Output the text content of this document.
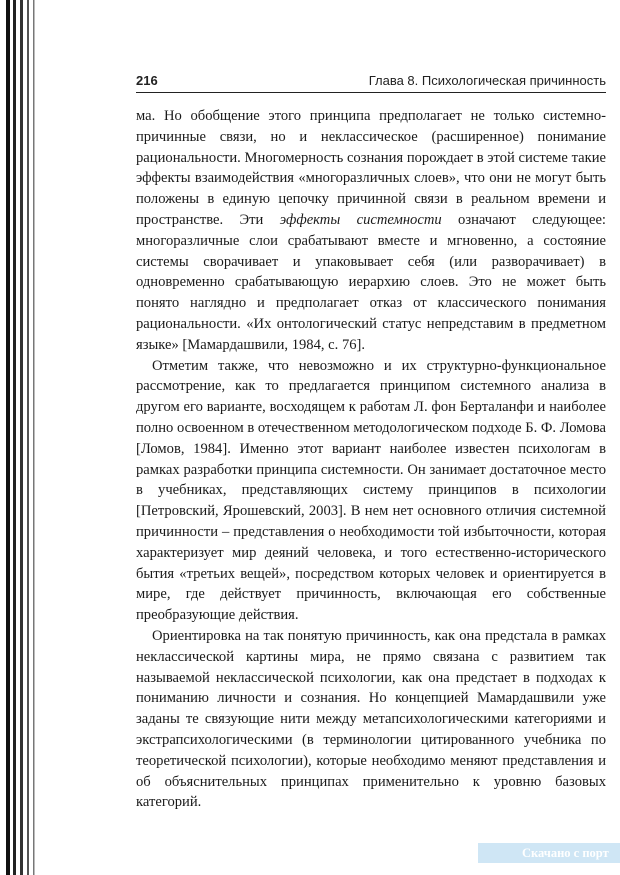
216	Глава 8. Психологическая причинность

ма. Но обобщение этого принципа предполагает не только системно-причинные связи, но и неклассическое (расширенное) понимание рациональности. Многомерность сознания порождает в этой системе такие эффекты взаимодействия «многоразличных слоев», что они не могут быть положены в единую цепочку причинной связи в реальном времени и пространстве. Эти эффекты системности означают следующее: многоразличные слои срабатывают вместе и мгновенно, а состояние системы сворачивает и упаковывает себя (или разворачивает) в одновременно срабатывающую иерархию слоев. Это не может быть понято наглядно и предполагает отказ от классического понимания рациональности. «Их онтологический статус непредставим в предметном языке» [Мамардашвили, 1984, с. 76].

Отметим также, что невозможно и их структурно-функциональное рассмотрение, как то предлагается принципом системного анализа в другом его варианте, восходящем к работам Л. фон Берталанфи и наиболее полно освоенном в отечественном методологическом подходе Б. Ф. Ломова [Ломов, 1984]. Именно этот вариант наиболее известен психологам в рамках разработки принципа системности. Он занимает достаточное место в учебниках, представляющих систему принципов в психологии [Петровский, Ярошевский, 2003]. В нем нет основного отличия системной причинности – представления о необходимости той избыточности, которая характеризует мир деяний человека, и того естественно-исторического бытия «третьих вещей», посредством которых человек и ориентируется в мире, где действует причинность, включающая его собственные преобразующие действия.

Ориентировка на так понятую причинность, как она предстала в рамках неклассической картины мира, не прямо связана с развитием так называемой неклассической психологии, как она предстает в подходах к пониманию личности и сознания. Но концепцией Мамардашвили уже заданы те связующие нити между метапсихологическими категориями и экстрапсихологическими (в терминологии цитированного учебника по теоретической психологии), которые необходимо меняют представления и об объяснительных принципах применительно к уровню базовых категорий.

Скачано с порт
